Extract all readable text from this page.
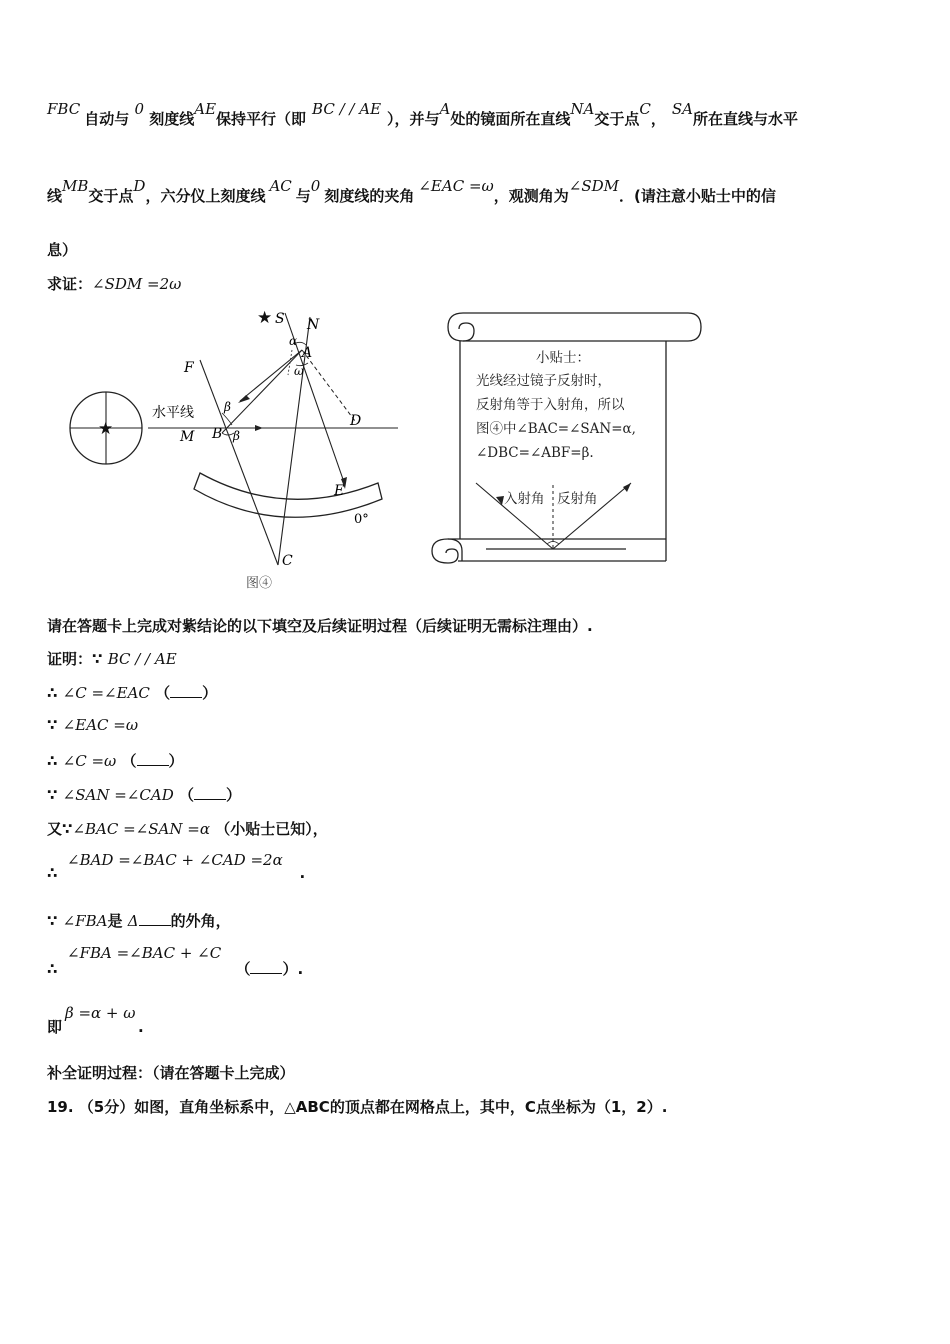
FBC自动与 0 刻度线AE保持平行（即BC / / AE），并与A处的镜面所在直线NA交于点C，SA所在直线与水平
线MB交于点D，六分仪上刻度线AC与0刻度线的夹角∠EAC =ω，观测角为∠SDM．(请注意小贴士中的信
息）
求证：∠SDM =2ω
★
★ S N
α
A
ω
F
水平线	β
B β
M
D
E
0°
C
图④
小贴士：
光线经过镜子反射时，
反射角等于入射角，所以
图④中∠BAC=∠SAN=α,
∠DBC=∠ABF=β.
入射角 反射角
请在答题卡上完成对紫结论的以下填空及后续证明过程（后续证明无需标注理由）.
证明：∵ BC / / AE
∴ ∠C =∠EAC （ ）
∵ ∠EAC =ω
∴ ∠C =ω （ ）
∵ ∠SAN =∠CAD （ ）
又∵∠BAC =∠SAN =α （小贴士已知），
∠BAD =∠BAC + ∠CAD =2α
∴	.
∵ ∠FBA是 Δ 的外角，
∠FBA =∠BAC + ∠C
∴	（ ）.
β =α + ω
即	.
补全证明过程：（请在答题卡上完成）
19. （5分）如图，直角坐标系中，△ABC的顶点都在网格点上，其中，C点坐标为（1，2）.
